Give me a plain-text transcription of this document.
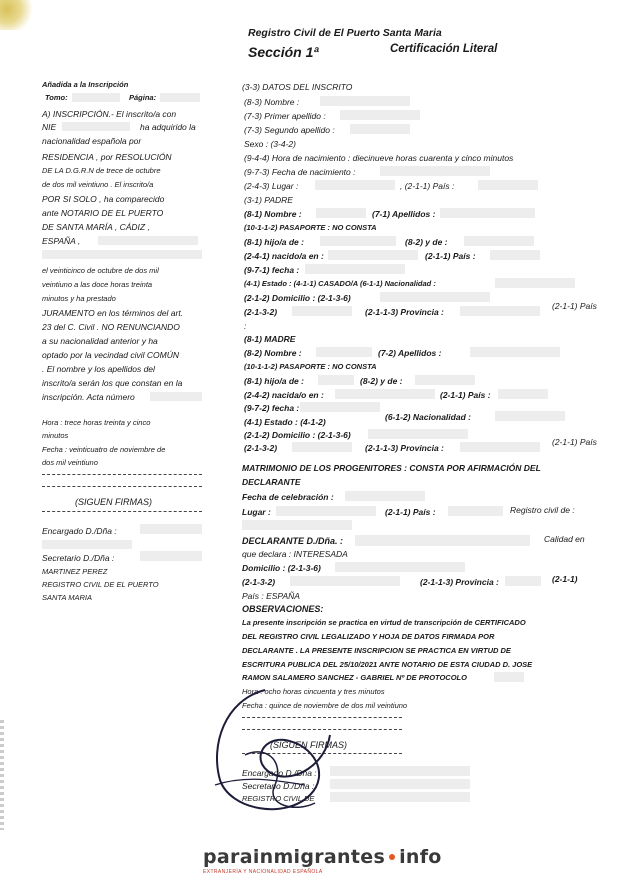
Registro Civil de El Puerto Santa Maria
Sección 1ª	Certificación Literal
Añadida a la Inscripción
Tomo:	Página:
A) INSCRIPCIÓN.- El inscrito/a con
NIE	ha adquirido la
nacionalidad española por
RESIDENCIA , por RESOLUCIÓN
DE LA D.G.R.N de trece de octubre
de dos mil veintiuno . El inscrito/a
POR SI SOLO , ha comparecido
ante NOTARIO DE EL PUERTO
DE SANTA MARÍA , CÁDIZ ,
ESPAÑA ,
el veinticinco de octubre de dos mil
veintiuno a las doce horas treinta
minutos y ha prestado
JURAMENTO en los términos del art.
23 del C. Civil . NO RENUNCIANDO
a su nacionalidad anterior y ha
optado por la vecindad civil COMÚN
. El nombre y los apellidos del
inscrito/a serán los que constan en la
inscripción. Acta número
Hora : trece horas treinta y cinco
minutos
Fecha : veinticuatro de noviembre de
dos mil veintiuno
(SIGUEN FIRMAS)
Encargado D./Dña :
Secretario D./Dña :
MARTINEZ PEREZ
REGISTRO CIVIL DE EL PUERTO
SANTA MARIA
(3-3) DATOS DEL INSCRITO
(8-3) Nombre :
(7-3) Primer apellido :
(7-3) Segundo apellido :
Sexo : (3-4-2)
(9-4-4) Hora de nacimiento : diecinueve horas cuarenta y cinco minutos
(9-7-3) Fecha de nacimiento :
(2-4-3) Lugar :	, (2-1-1) País :
(3-1) PADRE
(8-1) Nombre :	(7-1) Apellidos :
(10-1-1-2) PASAPORTE : NO CONSTA
(8-1) hijo/a de :	(8-2) y de :
(2-4-1) nacido/a en :	(2-1-1) País :
(9-7-1) fecha :
(4-1) Estado : (4-1-1) CASADO/A (6-1-1) Nacionalidad :
(2-1-2) Domicilio : (2-1-3-6)
(2-1-3-2)	(2-1-1-3) Provincia :
(2-1-1) País
:
(8-1) MADRE
(8-2) Nombre :	(7-2) Apellidos :
(10-1-1-2) PASAPORTE : NO CONSTA
(8-1) hijo/a de :	(8-2) y de :
(2-4-2) nacida/o en :	(2-1-1) País :
(9-7-2) fecha :
(4-1) Estado : (4-1-2)	(6-1-2) Nacionalidad :
(2-1-2) Domicilio : (2-1-3-6)
(2-1-3-2)	(2-1-1-3) Provincia :
(2-1-1) País
MATRIMONIO DE LOS PROGENITORES : CONSTA POR AFIRMACIÓN DEL
DECLARANTE
Fecha de celebración :
Lugar :	(2-1-1) País :	Registro civil de :
DECLARANTE D./Dña. :	Calidad en
que declara : INTERESADA
Domicilio : (2-1-3-6)
(2-1-3-2)	(2-1-1-3) Provincia :	(2-1-1)
País : ESPAÑA
OBSERVACIONES:
La presente inscripción se practica en virtud de transcripción de CERTIFICADO
DEL REGISTRO CIVIL LEGALIZADO Y HOJA DE DATOS FIRMADA POR
DECLARANTE . LA PRESENTE INSCRIPCION SE PRACTICA EN VIRTUD DE
ESCRITURA PUBLICA DEL 25/10/2021 ANTE NOTARIO DE ESTA CIUDAD D. JOSE
RAMON SALAMERO SANCHEZ - GABRIEL Nº DE PROTOCOLO
Hora : ocho horas cincuenta y tres minutos
Fecha : quince de noviembre de dos mil veintiuno
(SIGUEN FIRMAS)
Encargado D./Dña :
Secretario D./Dña :
REGISTRO CIVIL DE
parainmigrantes info
EXTRANJERÍA Y NACIONALIDAD ESPAÑOLA
